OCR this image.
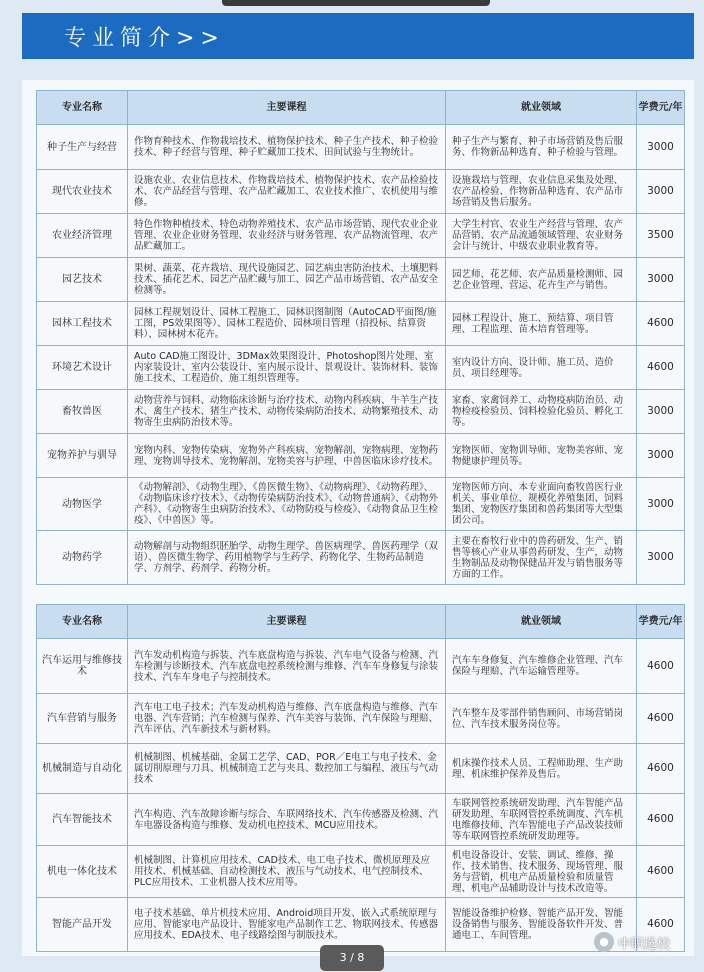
专业简介>>
专业名称	主要课程	就业领域	学费元/年
种子生产与经营	作物育种技术、作物栽培技术、植物保护技术、种子生产技术、种子检验技术、种子经营与管理、种子贮藏加工技术、田间试验与生物统计。	种子生产与繁育、种子市场营销及售后服务、作物新品种选育、种子检验与管理。	3000
现代农业技术	设施农业、农业信息技术、作物栽培技术、植物保护技术、农产品检验技术、农产品经营与管理、农产品贮藏加工、农业技术推广、农机使用与维修。	设施栽培与管理、农业信息采集及处理、农产品检验、作物新品种选育、农产品市场营销及售后服务。	3000
农业经济管理	特色作物种植技术、特色动物养殖技术、农产品市场营销、现代农业企业管理、农业企业财务管理、农业经济与财务管理、农产品物流管理、农产品贮藏加工。	大学生村官、农业生产经营与管理、农产品营销、农产品流通领域管理、农业财务会计与统计、中级农业职业教育等。	3500
园艺技术	果树、蔬菜、花卉栽培、现代设施园艺、园艺病虫害防治技术、土壤肥料技术、插花艺术、园艺产品贮藏与加工、园艺产品市场营销、农产品安全检测等。	园艺师、花艺师、农产品质量检测师、园艺企业管理、营运、花卉生产与销售。	3000
园林工程技术	园林工程规划设计、园林工程施工、园林识图制图（AutoCAD平面图/施工图，PS效果图等）、园林工程造价、园林项目管理（招投标、结算资料）、园林树木花卉。	园林工程设计、施工、预结算、项目管理、工程监理、苗木培育管理等。	4600
环境艺术设计	Auto CAD施工图设计、3DMax效果图设计、Photoshop图片处理、室内家装设计、室内公装设计、室内展示设计、景观设计、装饰材料、装饰施工技术、工程造价、施工组织管理等。	室内设计方向、设计师、施工员、造价员、项目经理等。	4600
畜牧兽医	动物营养与饲料、动物临床诊断与治疗技术、动物内科疾病、牛羊生产技术、禽生产技术、猪生产技术、动物传染病防治技术、动物繁殖技术、动物寄生虫病防治技术等。	家畜、家禽饲养工、动物疫病防治员、动物检疫检验员、饲料检验化验员、孵化工等。	3000
宠物养护与驯导	宠物内科、宠物传染病、宠物外产科疾病、宠物解剖、宠物病理、宠物药理、宠物训导技术、宠物解剖、宠物美容与护理、中兽医临床诊疗技术。	宠物医师、宠物训导师、宠物美容师、宠物健康护理员等。	3000
动物医学	《动物解剖》、《动物生理》、《兽医微生物》、《动物病理》、《动物药理》、《动物临床诊疗技术》、《动物传染病防治技术》、《动物普通病》、《动物外产科》、《动物寄生虫病防治技术》、《动物防疫与检疫》、《动物食品卫生检疫》、《中兽医》等。	宠物医师方向、本专业面向畜牧兽医行业机关、事业单位、规模化养殖集团、饲料集团、宠物医疗集团和兽药集团等大型集团公司。	3000
动物药学	动物解剖与动物组织胚胎学、动物生理学、兽医病理学、兽医药理学（双语）、兽医微生物学、药用植物学与生药学、药物化学、生物药品制造学、方剂学、药剂学、药物分析。	主要在畜牧行业中的兽药研发、生产、销售等核心产业从事兽药研发、生产，动物生物制品及动物保健品开发与销售服务等方面的工作。	3000
专业名称	主要课程	就业领域	学费元/年
汽车运用与维修技术	汽车发动机构造与拆装、汽车底盘构造与拆装、汽车电气设备与检测、汽车检测与诊断技术、汽车底盘电控系统检测与维修、汽车车身修复与涂装技术、汽车车身电子与控制技术。	汽车车身修复、汽车维修企业管理、汽车保险与理赔、汽车运输管理等。	4600
汽车营销与服务	汽车电工电子技术；汽车发动机构造与维修、汽车底盘构造与维修、汽车电器、汽车营销；汽车检测与保养、汽车美容与装饰、汽车保险与理赔、汽车评估、汽车新技术与新材料。	汽车整车及零部件销售顾问、市场营销岗位、汽车技术服务岗位等。	4600
机械制造与自动化	机械制图、机械基础、金属工艺学、CAD、POR／E电工与电子技术、金属切削原理与刀具、机械制造工艺与夹具、数控加工与编程、液压与气动技术	机床操作技术人员、工程师助理、生产助理、机床维护保养及售后。	4600
汽车智能技术	汽车构造、汽车故障诊断与综合、车联网络技术、汽车传感器及检测、汽车电器设备构造与维修、发动机电控技术、MCU应用技术。	车联网管控系统研发助理、汽车智能产品研发助理、车联网管控系统调度、汽车机电维修技师、汽车智能电子产品改装技师等车联网管控系统研发助理等。	4600
机电一体化技术	机械制图、计算机应用技术、CAD技术、电工电子技术、微机原理及应用技术、机械基础、自动检测技术、液压与气动技术、电气控制技术、PLC应用技术、工业机器人技术应用等。	机电设备设计、安装、调试、维修、操作、技术销售、技术服务、现场管理、服务与营销，机电产品质量检验和质量管理、机电产品辅助设计与技术改造等。	4600
智能产品开发	电子技术基础、单片机技术应用、Android项目开发、嵌入式系统原理与应用、智能家电产品设计、智能家电产品制作工艺、物联网技术、传感器应用技术、EDA技术、电子线路绘图与制版技术。	智能设备维护检修、智能产品开发、智能设备销售与服务、智能设备软件开发、普通电工、车间管理。	4600
3 / 8
● 中职选校
